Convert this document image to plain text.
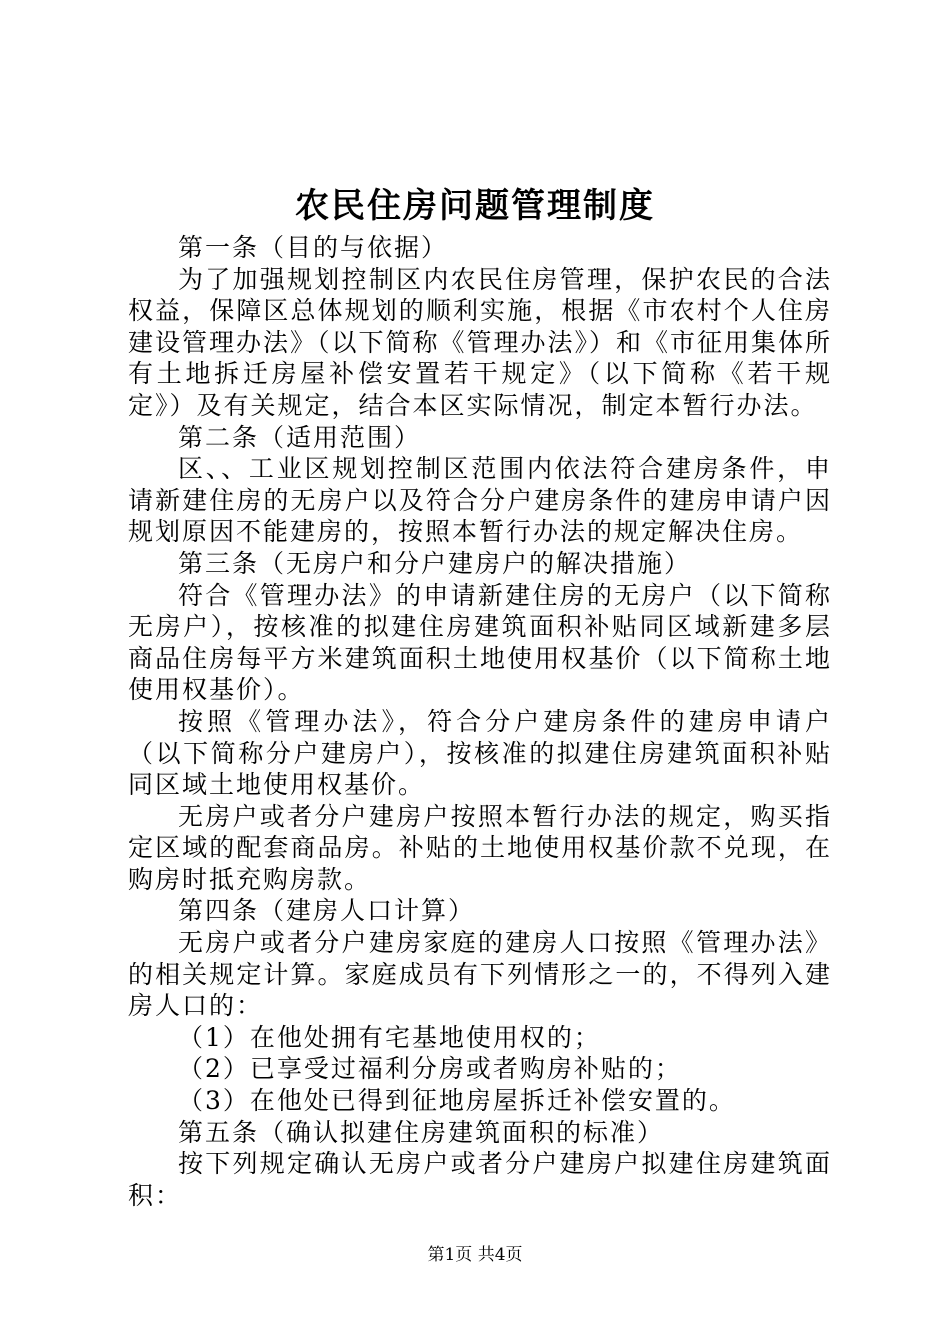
农民住房问题管理制度

第一条（目的与依据）

为了加强规划控制区内农民住房管理，保护农民的合法权益，保障区总体规划的顺利实施，根据《市农村个人住房建设管理办法》（以下简称《管理办法》）和《市征用集体所有土地拆迁房屋补偿安置若干规定》（以下简称《若干规定》）及有关规定，结合本区实际情况，制定本暂行办法。

第二条（适用范围）

区、、工业区规划控制区范围内依法符合建房条件，申请新建住房的无房户以及符合分户建房条件的建房申请户因规划原因不能建房的，按照本暂行办法的规定解决住房。

第三条（无房户和分户建房户的解决措施）

符合《管理办法》的申请新建住房的无房户（以下简称无房户），按核准的拟建住房建筑面积补贴同区域新建多层商品住房每平方米建筑面积土地使用权基价（以下简称土地使用权基价）。

按照《管理办法》，符合分户建房条件的建房申请户（以下简称分户建房户），按核准的拟建住房建筑面积补贴同区域土地使用权基价。

无房户或者分户建房户按照本暂行办法的规定，购买指定区域的配套商品房。补贴的土地使用权基价款不兑现，在购房时抵充购房款。

第四条（建房人口计算）

无房户或者分户建房家庭的建房人口按照《管理办法》的相关规定计算。家庭成员有下列情形之一的，不得列入建房人口的：

（1）在他处拥有宅基地使用权的；

（2）已享受过福利分房或者购房补贴的；

（3）在他处已得到征地房屋拆迁补偿安置的。

第五条（确认拟建住房建筑面积的标准）

按下列规定确认无房户或者分户建房户拟建住房建筑面积：

第1页 共4页
